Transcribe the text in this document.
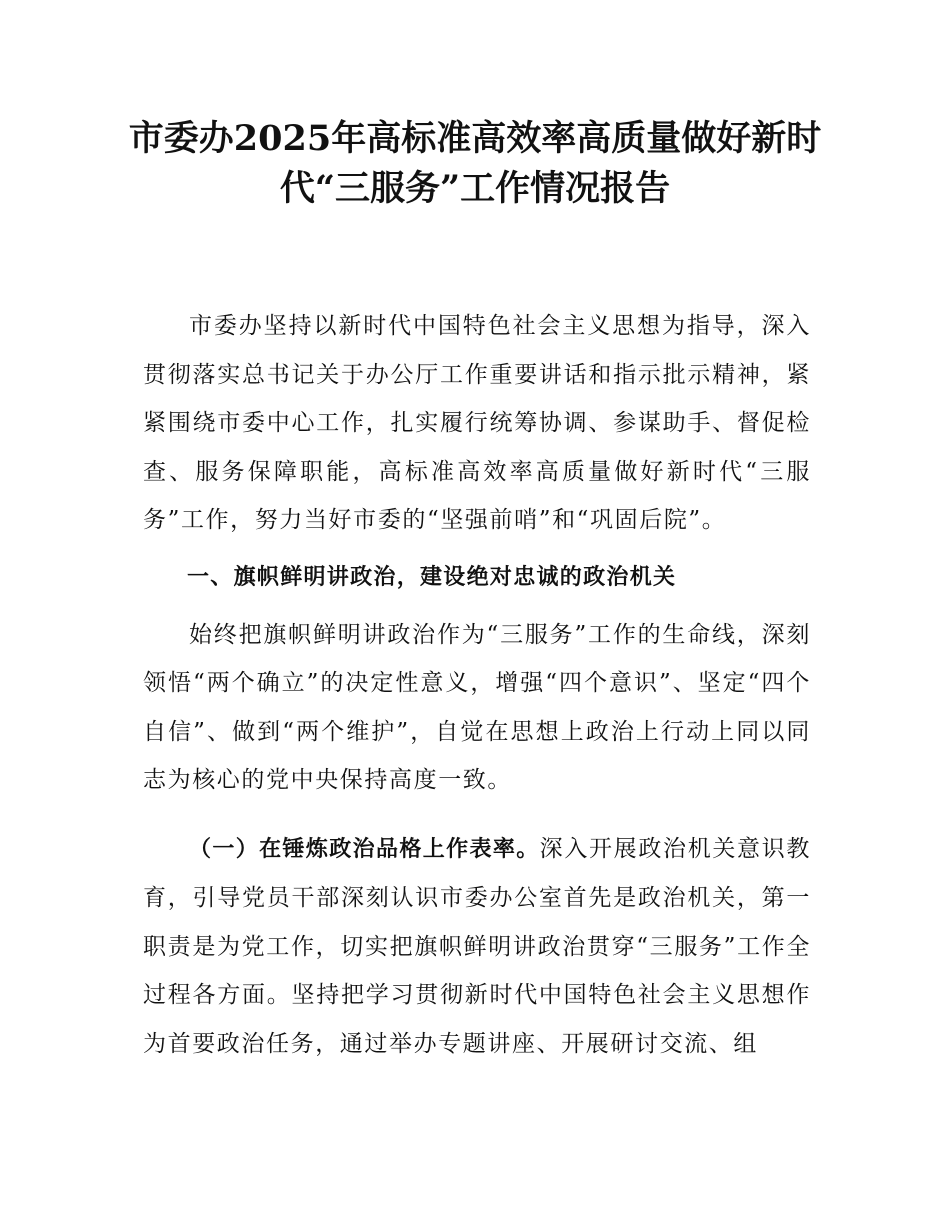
市委办2025年高标准高效率高质量做好新时
代“三服务”工作情况报告

市委办坚持以新时代中国特色社会主义思想为指导，深入贯彻落实总书记关于办公厅工作重要讲话和指示批示精神，紧紧围绕市委中心工作，扎实履行统筹协调、参谋助手、督促检查、服务保障职能，高标准高效率高质量做好新时代“三服务”工作，努力当好市委的“坚强前哨”和“巩固后院”。

一、旗帜鲜明讲政治，建设绝对忠诚的政治机关

始终把旗帜鲜明讲政治作为“三服务”工作的生命线，深刻领悟“两个确立”的决定性意义，增强“四个意识”、坚定“四个自信”、做到“两个维护”，自觉在思想上政治上行动上同以同志为核心的党中央保持高度一致。

（一）在锤炼政治品格上作表率。深入开展政治机关意识教育，引导党员干部深刻认识市委办公室首先是政治机关，第一职责是为党工作，切实把旗帜鲜明讲政治贯穿“三服务”工作全过程各方面。坚持把学习贯彻新时代中国特色社会主义思想作为首要政治任务，通过举办专题讲座、开展研讨交流、组
